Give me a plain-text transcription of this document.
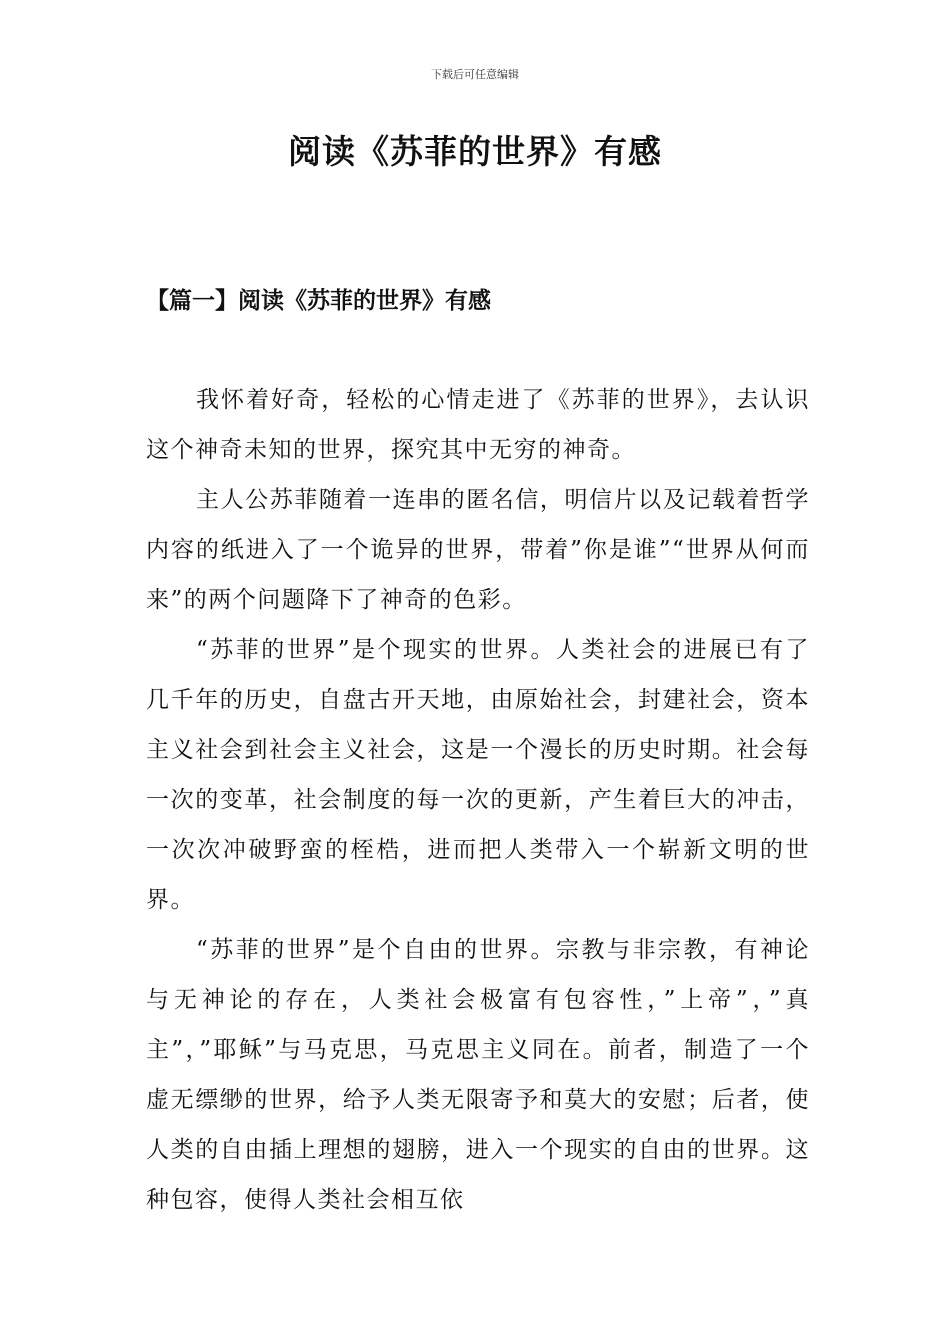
下载后可任意编辑
阅读《苏菲的世界》有感
【篇一】阅读《苏菲的世界》有感

我怀着好奇，轻松的心情走进了《苏菲的世界》，去认识这个神奇未知的世界，探究其中无穷的神奇。

主人公苏菲随着一连串的匿名信，明信片以及记载着哲学内容的纸进入了一个诡异的世界，带着”你是谁”“世界从何而来”的两个问题降下了神奇的色彩。

“苏菲的世界”是个现实的世界。人类社会的进展已有了几千年的历史，自盘古开天地，由原始社会，封建社会，资本主义社会到社会主义社会，这是一个漫长的历史时期。社会每一次的变革，社会制度的每一次的更新，产生着巨大的冲击，一次次冲破野蛮的桎梏，进而把人类带入一个崭新文明的世界。

“苏菲的世界”是个自由的世界。宗教与非宗教，有神论与无神论的存在，人类社会极富有包容性，”上帝”，”真主”，”耶稣”与马克思，马克思主义同在。前者，制造了一个虚无缥缈的世界，给予人类无限寄予和莫大的安慰；后者，使人类的自由插上理想的翅膀，进入一个现实的自由的世界。这种包容，使得人类社会相互依
